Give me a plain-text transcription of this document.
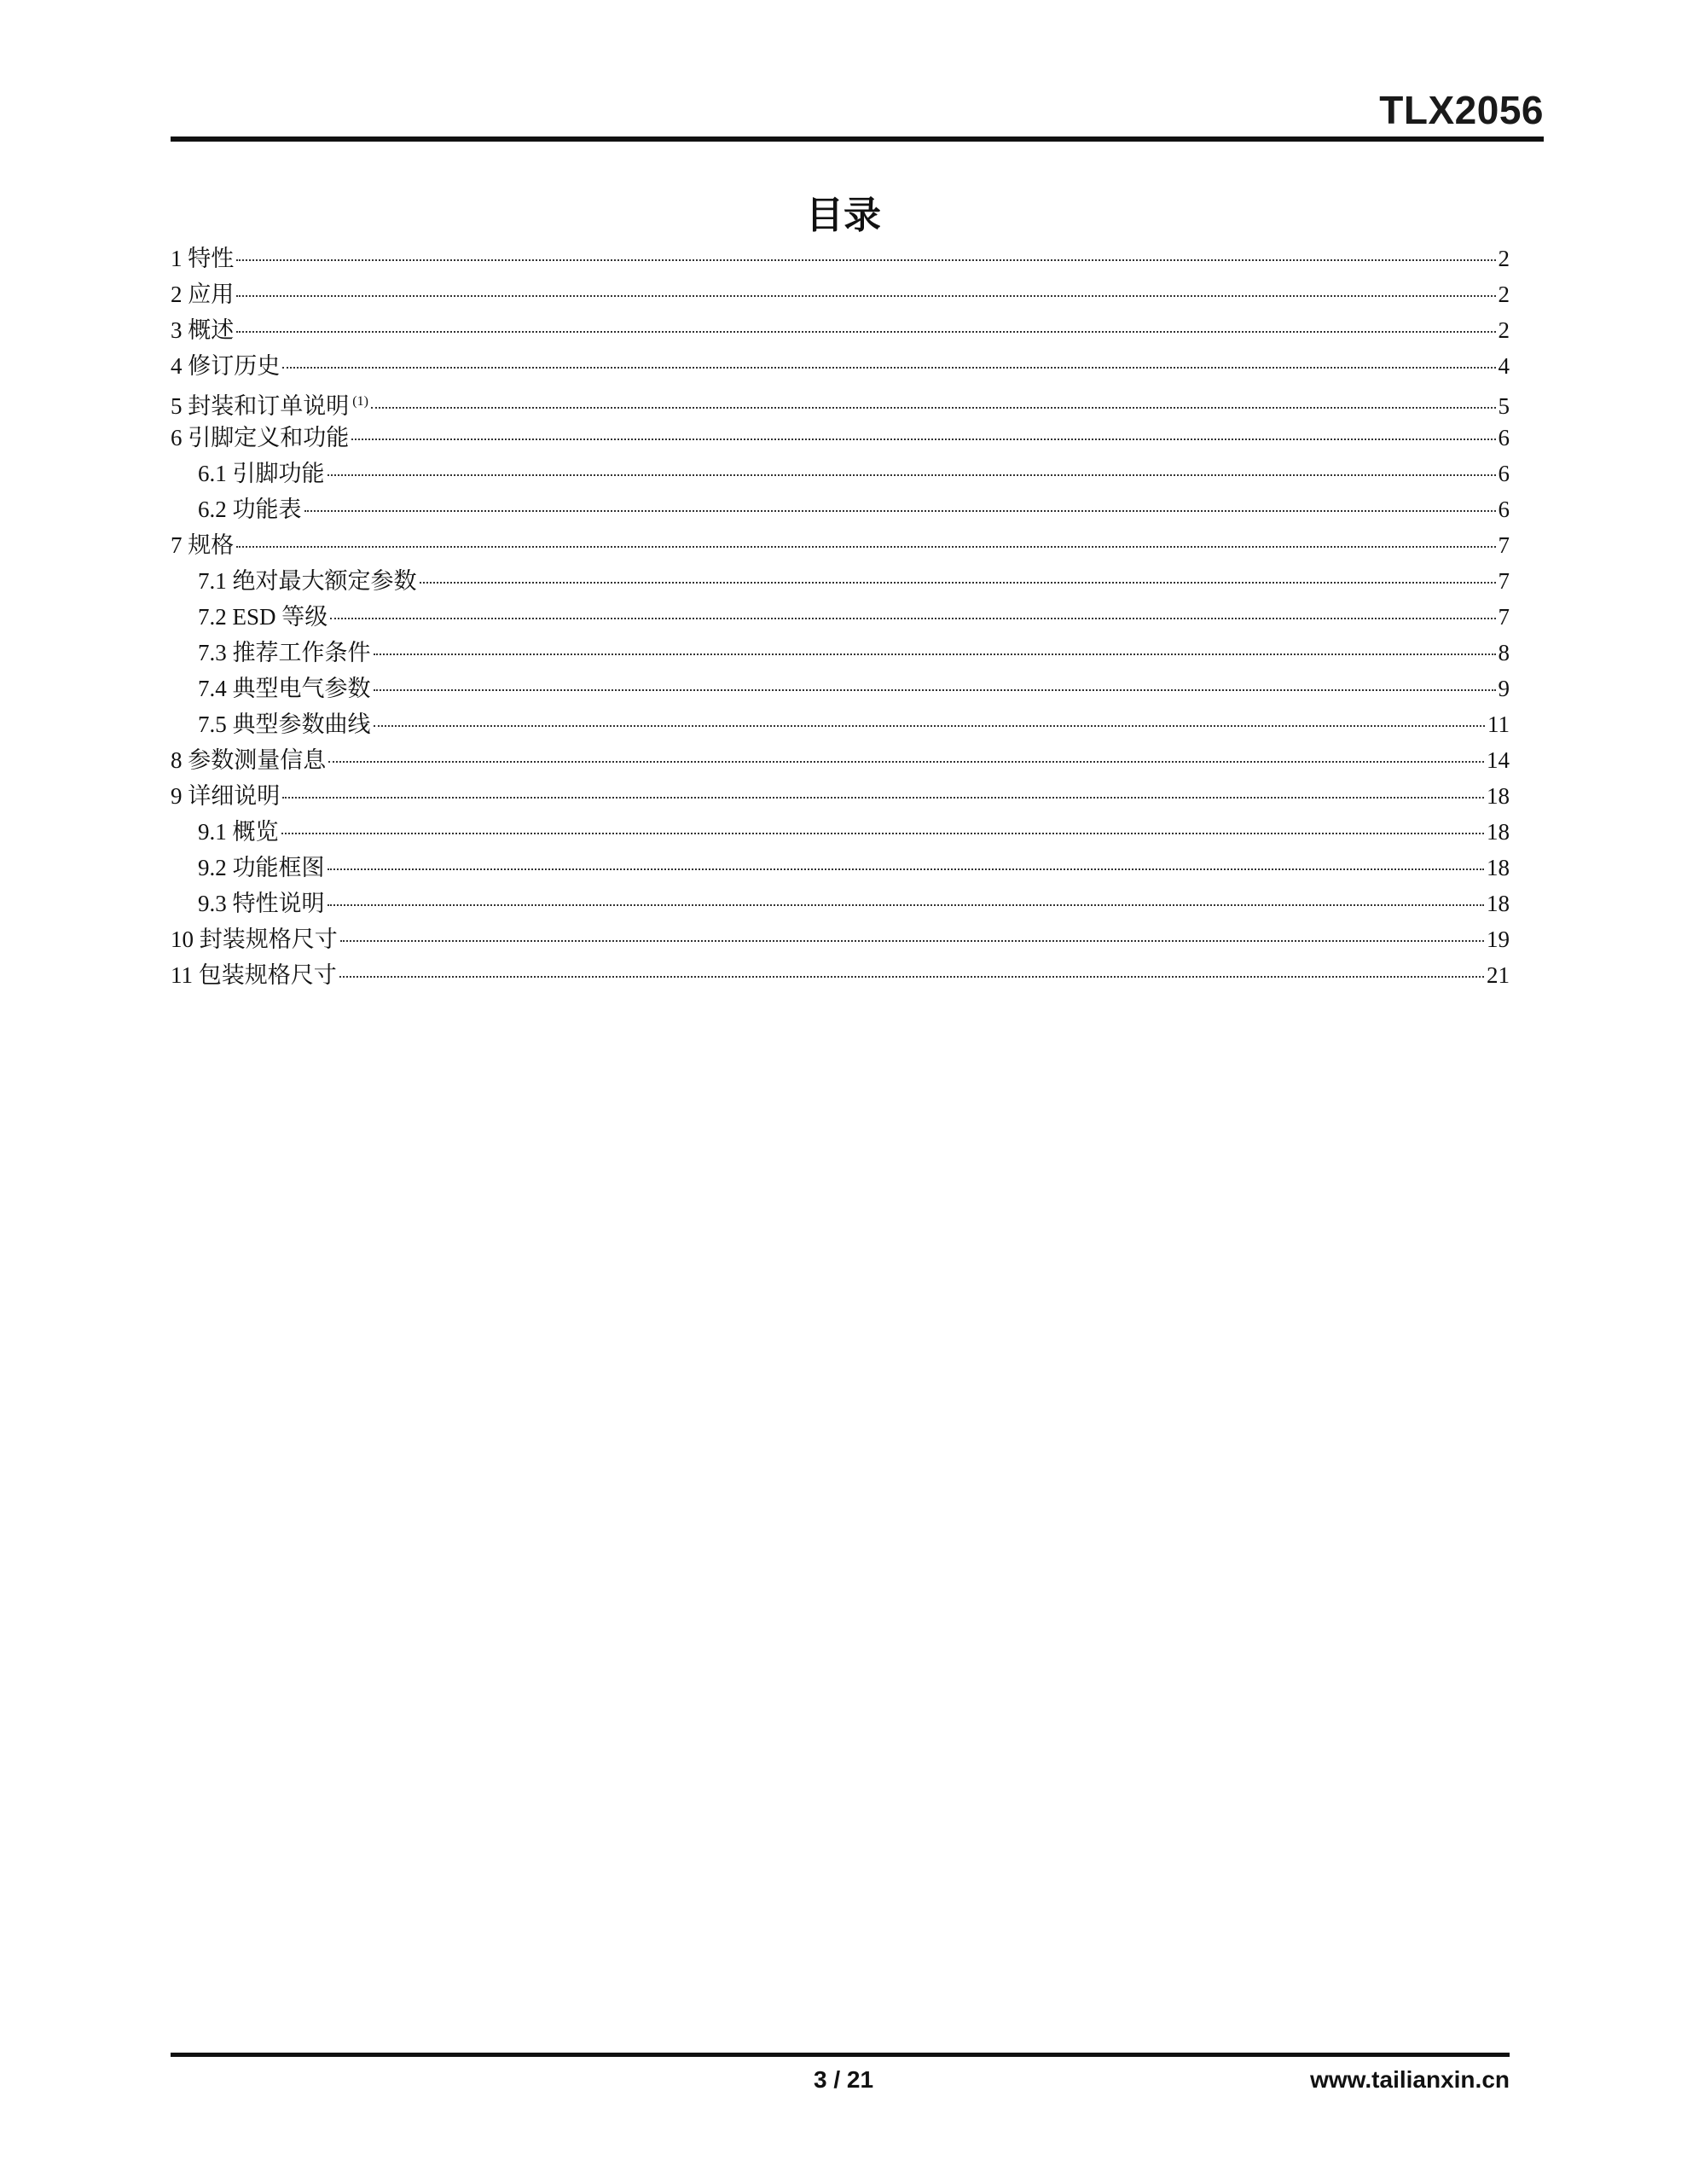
TLX2056
目录
1 特性	2
2 应用	2
3 概述	2
4 修订历史	4
5 封装和订单说明 $^{(1)}$	5
6 引脚定义和功能	6
6.1 引脚功能	6
6.2 功能表	6
7 规格	7
7.1 绝对最大额定参数	7
7.2 ESD 等级	7
7.3 推荐工作条件	8
7.4 典型电气参数	9
7.5 典型参数曲线	11
8 参数测量信息	14
9 详细说明	18
9.1 概览	18
9.2 功能框图	18
9.3 特性说明	18
10 封装规格尺寸	19
11 包装规格尺寸	21
3 / 21	www.tailianxin.cn
